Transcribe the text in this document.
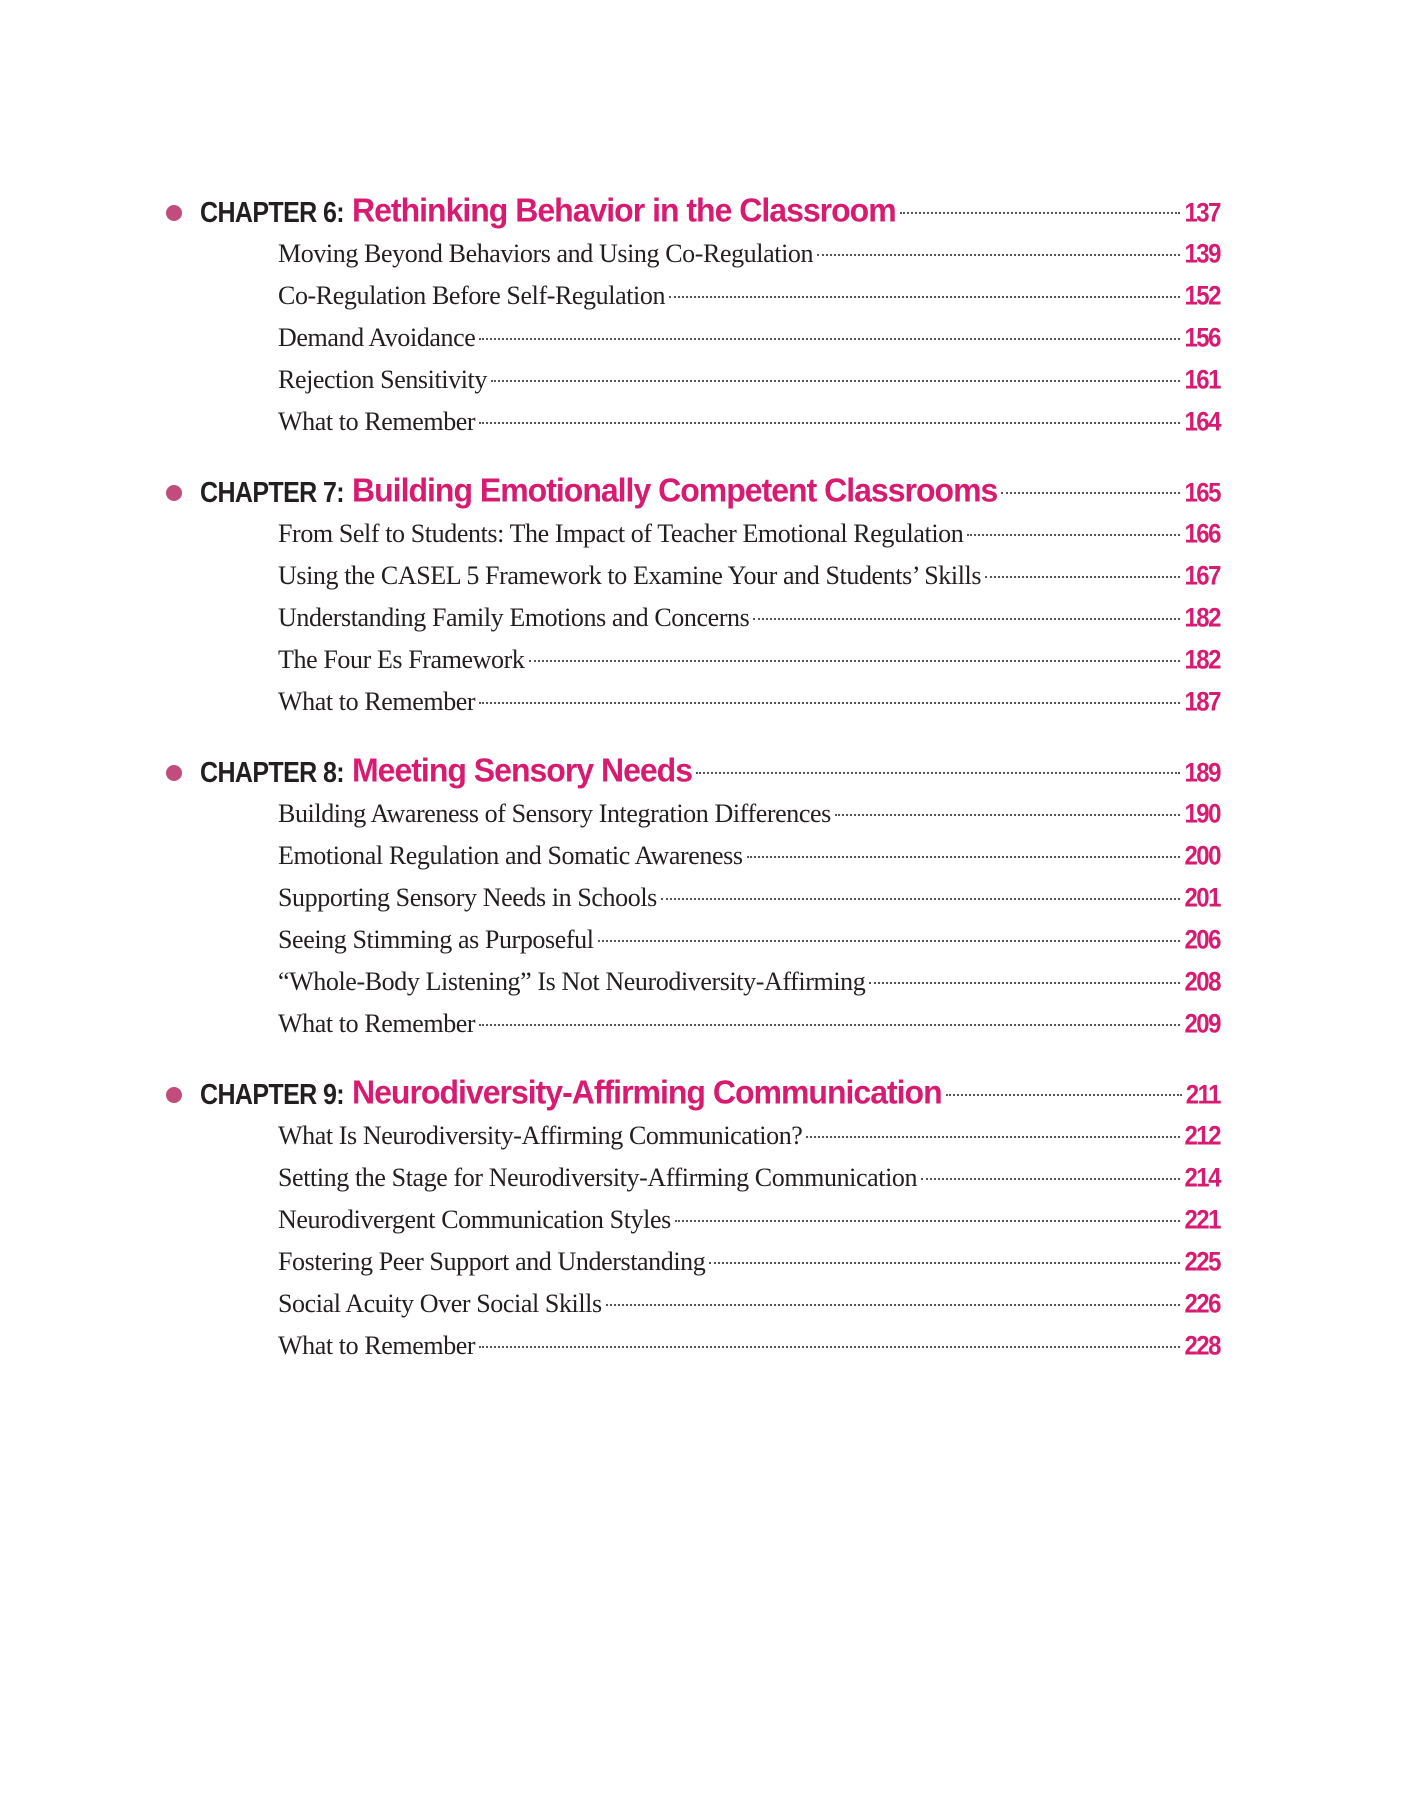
CHAPTER 6: Rethinking Behavior in the Classroom	137
Moving Beyond Behaviors and Using Co-Regulation	139
Co-Regulation Before Self-Regulation	152
Demand Avoidance	156
Rejection Sensitivity	161
What to Remember	164
CHAPTER 7: Building Emotionally Competent Classrooms	165
From Self to Students: The Impact of Teacher Emotional Regulation	166
Using the CASEL 5 Framework to Examine Your and Students’ Skills	167
Understanding Family Emotions and Concerns	182
The Four Es Framework	182
What to Remember	187
CHAPTER 8: Meeting Sensory Needs	189
Building Awareness of Sensory Integration Differences	190
Emotional Regulation and Somatic Awareness	200
Supporting Sensory Needs in Schools	201
Seeing Stimming as Purposeful	206
“Whole-Body Listening” Is Not Neurodiversity-Affirming	208
What to Remember	209
CHAPTER 9: Neurodiversity-Affirming Communication	211
What Is Neurodiversity-Affirming Communication?	212
Setting the Stage for Neurodiversity-Affirming Communication	214
Neurodivergent Communication Styles	221
Fostering Peer Support and Understanding	225
Social Acuity Over Social Skills	226
What to Remember	228
